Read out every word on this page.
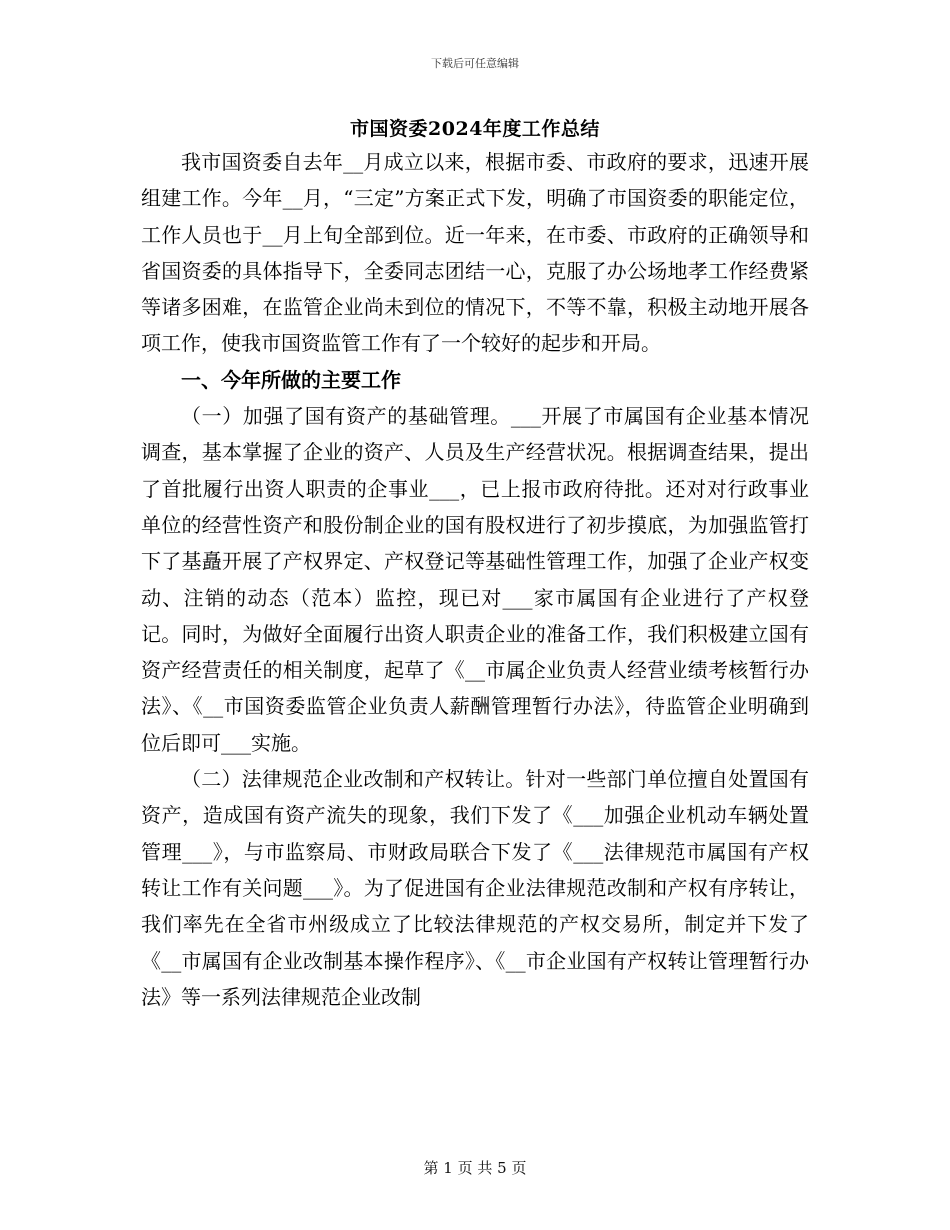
下载后可任意编辑
市国资委2024年度工作总结

我市国资委自去年__月成立以来，根据市委、市政府的要求，迅速开展组建工作。今年__月，“三定”方案正式下发，明确了市国资委的职能定位，工作人员也于__月上旬全部到位。近一年来，在市委、市政府的正确领导和省国资委的具体指导下，全委同志团结一心，克服了办公场地孝工作经费紧等诸多困难，在监管企业尚未到位的情况下，不等不靠，积极主动地开展各项工作，使我市国资监管工作有了一个较好的起步和开局。

一、今年所做的主要工作

（一）加强了国有资产的基础管理。___开展了市属国有企业基本情况调查，基本掌握了企业的资产、人员及生产经营状况。根据调查结果，提出了首批履行出资人职责的企事业___，已上报市政府待批。还对对行政事业单位的经营性资产和股份制企业的国有股权进行了初步摸底，为加强监管打下了基矗开展了产权界定、产权登记等基础性管理工作，加强了企业产权变动、注销的动态（范本）监控，现已对___家市属国有企业进行了产权登记。同时，为做好全面履行出资人职责企业的准备工作，我们积极建立国有资产经营责任的相关制度，起草了《__市属企业负责人经营业绩考核暂行办法》、《__市国资委监管企业负责人薪酬管理暂行办法》，待监管企业明确到位后即可___实施。

（二）法律规范企业改制和产权转让。针对一些部门单位擅自处置国有资产，造成国有资产流失的现象，我们下发了《___加强企业机动车辆处置管理___》，与市监察局、市财政局联合下发了《___法律规范市属国有产权转让工作有关问题___》。为了促进国有企业法律规范改制和产权有序转让，我们率先在全省市州级成立了比较法律规范的产权交易所，制定并下发了《__市属国有企业改制基本操作程序》、《__市企业国有产权转让管理暂行办法》等一系列法律规范企业改制

第 1 页 共 5 页
